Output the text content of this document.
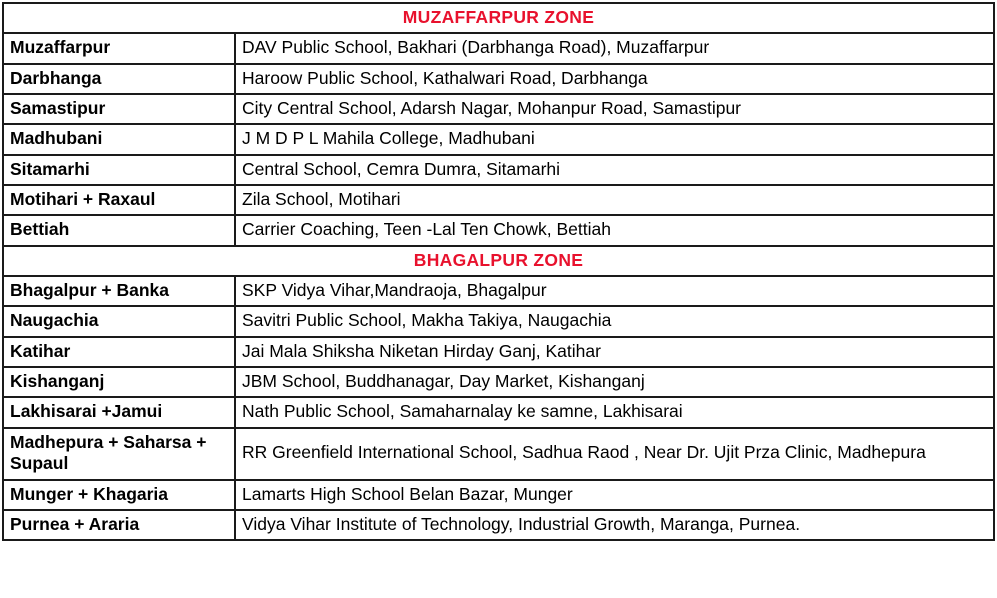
MUZAFFARPUR ZONE	
Muzaffarpur	DAV Public School, Bakhari (Darbhanga Road), Muzaffarpur
Darbhanga	Haroow Public School, Kathalwari Road, Darbhanga
Samastipur	City Central School, Adarsh Nagar, Mohanpur Road, Samastipur
Madhubani	J M D P L Mahila College, Madhubani
Sitamarhi	Central School, Cemra Dumra, Sitamarhi
Motihari + Raxaul	Zila School, Motihari
Bettiah	Carrier Coaching, Teen -Lal Ten Chowk, Bettiah
BHAGALPUR ZONE	
Bhagalpur + Banka	SKP Vidya Vihar,Mandraoja, Bhagalpur
Naugachia	Savitri Public School, Makha Takiya, Naugachia
Katihar	Jai Mala Shiksha Niketan Hirday Ganj, Katihar
Kishanganj	JBM School, Buddhanagar, Day Market, Kishanganj
Lakhisarai +Jamui	Nath Public School, Samaharnalay ke samne, Lakhisarai
Madhepura + Saharsa + Supaul	RR Greenfield International School, Sadhua Raod , Near Dr. Ujit Prza Clinic, Madhepura
Munger + Khagaria	Lamarts High School Belan Bazar, Munger
Purnea + Araria	Vidya Vihar Institute of Technology, Industrial Growth, Maranga, Purnea.
